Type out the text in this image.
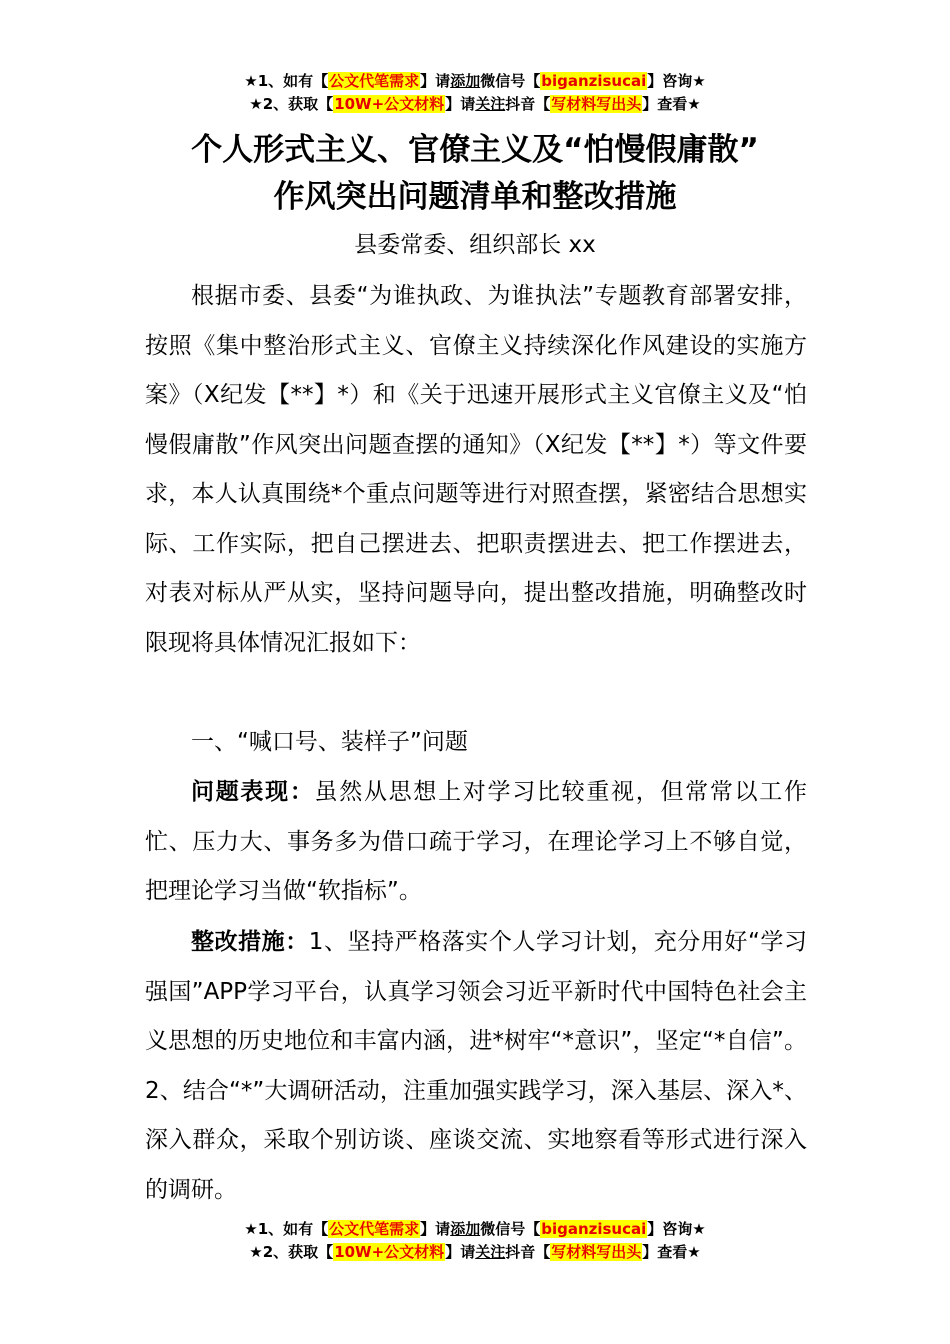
★1、如有【公文代笔需求】请添加微信号【biganzisucai】咨询★
★2、获取【10W+公文材料】请关注抖音【写材料写出头】查看★
个人形式主义、官僚主义及“怕慢假庸散”
作风突出问题清单和整改措施
县委常委、组织部长 xx

根据市委、县委“为谁执政、为谁执法”专题教育部署安排，按照《集中整治形式主义、官僚主义持续深化作风建设的实施方案》（X纪发【**】*）和《关于迅速开展形式主义官僚主义及“怕慢假庸散”作风突出问题查摆的通知》（X纪发【**】*）等文件要求，本人认真围绕*个重点问题等进行对照查摆，紧密结合思想实际、工作实际，把自己摆进去、把职责摆进去、把工作摆进去，对表对标从严从实，坚持问题导向，提出整改措施，明确整改时限现将具体情况汇报如下：

一、“喊口号、装样子”问题

问题表现：虽然从思想上对学习比较重视，但常常以工作忙、压力大、事务多为借口疏于学习，在理论学习上不够自觉，把理论学习当做“软指标”。

整改措施：1、坚持严格落实个人学习计划，充分用好“学习强国”APP学习平台，认真学习领会习近平新时代中国特色社会主义思想的历史地位和丰富内涵，进*树牢“*意识”，坚定“*自信”。2、结合“*”大调研活动，注重加强实践学习，深入基层、深入*、深入群众，采取个别访谈、座谈交流、实地察看等形式进行深入的调研。

★1、如有【公文代笔需求】请添加微信号【biganzisucai】咨询★
★2、获取【10W+公文材料】请关注抖音【写材料写出头】查看★
